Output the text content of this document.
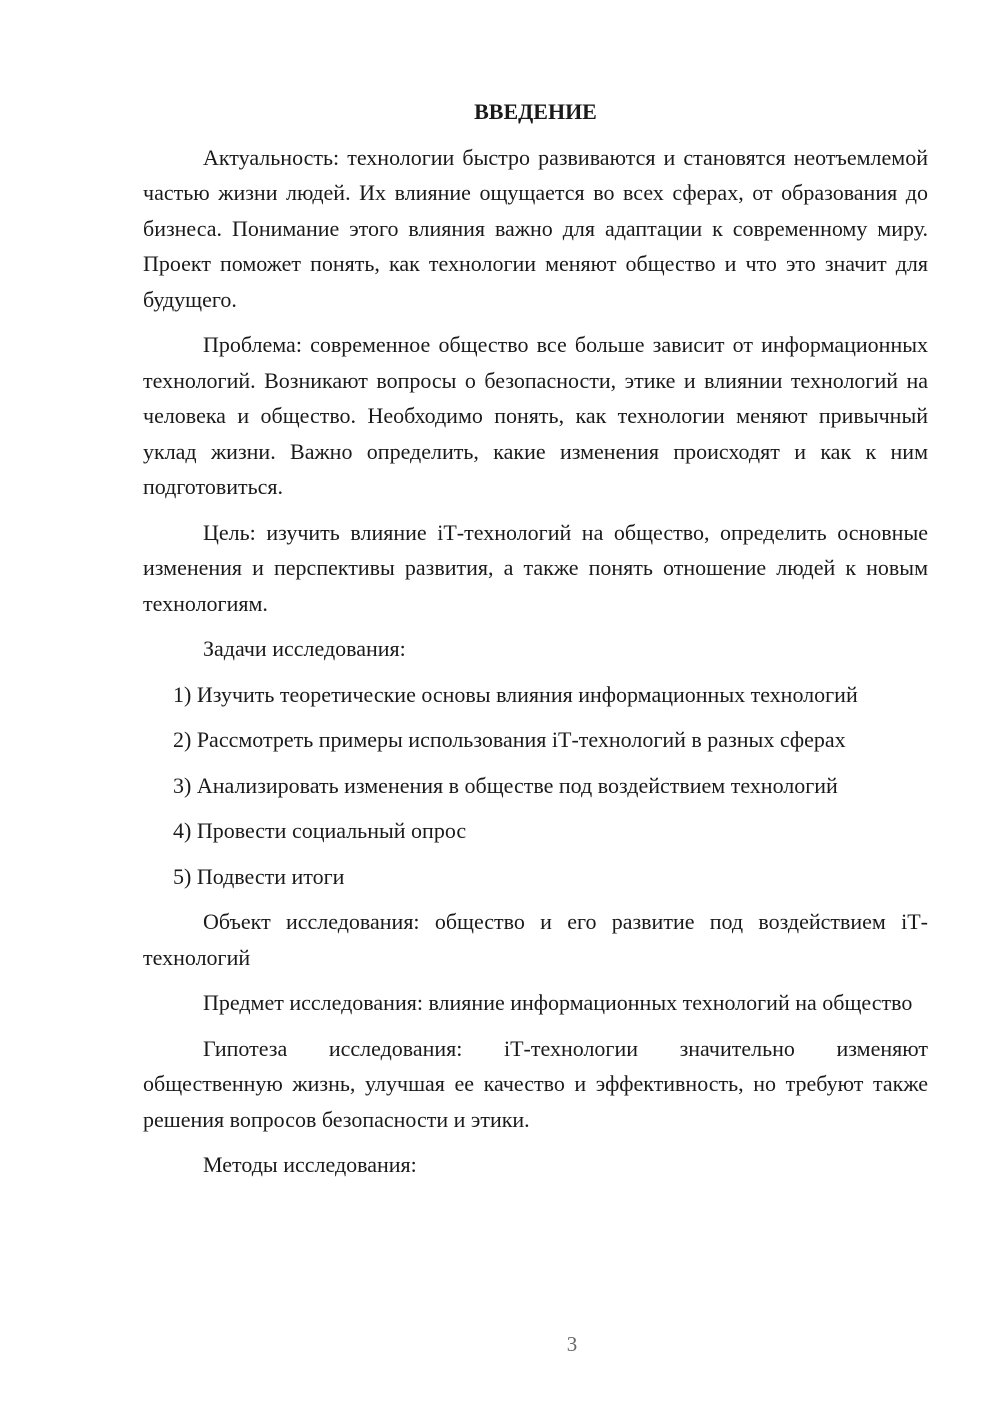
ВВЕДЕНИЕ

Актуальность: технологии быстро развиваются и становятся неотъемлемой частью жизни людей. Их влияние ощущается во всех сферах, от образования до бизнеса. Понимание этого влияния важно для адаптации к современному миру. Проект поможет понять, как технологии меняют общество и что это значит для будущего.

Проблема: современное общество все больше зависит от информационных технологий. Возникают вопросы о безопасности, этике и влиянии технологий на человека и общество. Необходимо понять, как технологии меняют привычный уклад жизни. Важно определить, какие изменения происходят и как к ним подготовиться.

Цель: изучить влияние iТ-технологий на общество, определить основные изменения и перспективы развития, а также понять отношение людей к новым технологиям.

Задачи исследования:

1) Изучить теоретические основы влияния информационных технологий

2) Рассмотреть примеры использования iТ-технологий в разных сферах

3) Анализировать изменения в обществе под воздействием технологий

4) Провести социальный опрос

5) Подвести итоги

Объект исследования: общество и его развитие под воздействием iТ-технологий

Предмет исследования: влияние информационных технологий на общество

Гипотеза исследования: iТ-технологии значительно изменяют общественную жизнь, улучшая ее качество и эффективность, но требуют также решения вопросов безопасности и этики.

Методы исследования:

3
